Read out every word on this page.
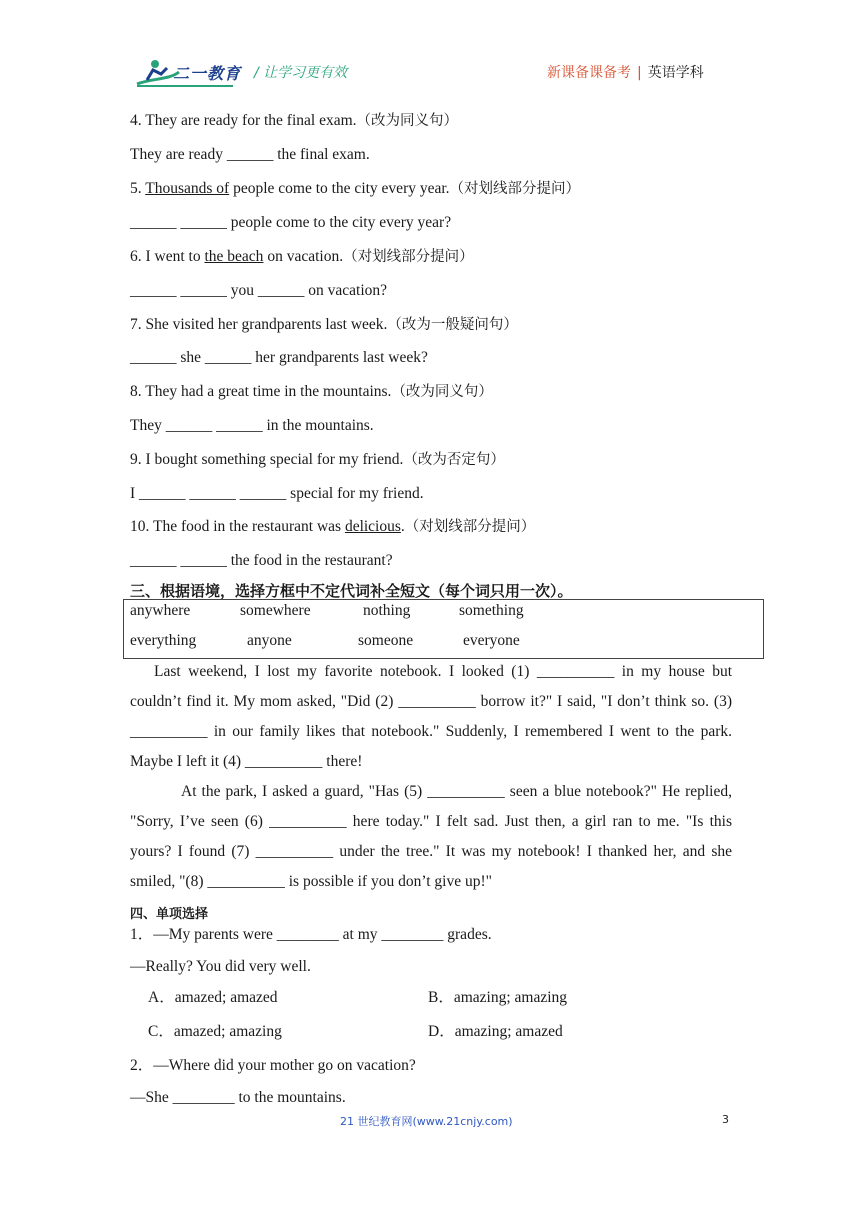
二一教育 / 让学习更有效	新课备课备考 | 英语学科
4. They are ready for the final exam.（改为同义句）
They are ready ______ the final exam.
5. Thousands of people come to the city every year.（对划线部分提问）
______ ______ people come to the city every year?
6. I went to the beach on vacation.（对划线部分提问）
______ ______ you ______ on vacation?
7. She visited her grandparents last week.（改为一般疑问句）
______ she ______ her grandparents last week?
8. They had a great time in the mountains.（改为同义句）
They ______ ______ in the mountains.
9. I bought something special for my friend.（改为否定句）
I ______ ______ ______ special for my friend.
10. The food in the restaurant was delicious.（对划线部分提问）
______ ______ the food in the restaurant?
三、根据语境，选择方框中不定代词补全短文（每个词只用一次）。
anywhere	somewhere	nothing	something
everything	anyone	someone	everyone
Last weekend, I lost my favorite notebook. I looked (1) __________ in my house but couldn’t find it. My mom asked, "Did (2) __________ borrow it?" I said, "I don’t think so. (3) __________ in our family likes that notebook." Suddenly, I remembered I went to the park. Maybe I left it (4) __________ there!
At the park, I asked a guard, "Has (5) __________ seen a blue notebook?" He replied, "Sorry, I’ve seen (6) __________ here today." I felt sad. Just then, a girl ran to me. "Is this yours? I found (7) __________ under the tree." It was my notebook! I thanked her, and she smiled, "(8) __________ is possible if you don’t give up!"
四、单项选择
1．—My parents were ________ at my ________ grades.
—Really? You did very well.
A．amazed; amazed	B．amazing; amazing
C．amazed; amazing	D．amazing; amazed
2．—Where did your mother go on vacation?
—She ________ to the mountains.
21 世纪教育网(www.21cnjy.com)	3
